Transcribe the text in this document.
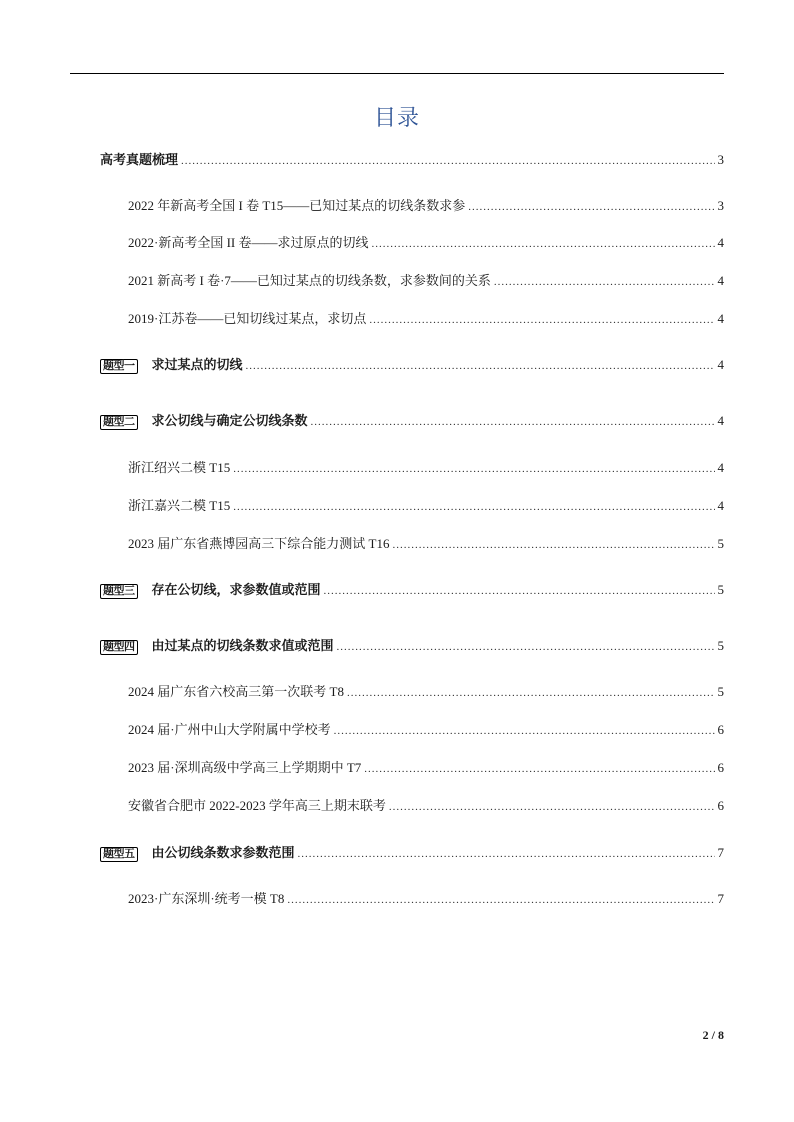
目录
高考真题梳理 .....	3
2022 年新高考全国 I 卷 T15——已知过某点的切线条数求参 .....	3
2022·新高考全国 II 卷——求过原点的切线 .....	4
2021 新高考 I 卷·7——已知过某点的切线条数，求参数间的关系 .....	4
2019·江苏卷——已知切线过某点，求切点 .....	4
题型一 求过某点的切线 .....	4
题型二 求公切线与确定公切线条数 .....	4
浙江绍兴二模 T15 .....	4
浙江嘉兴二模 T15 .....	4
2023 届广东省燕博园高三下综合能力测试 T16 .....	5
题型三 存在公切线，求参数值或范围 .....	5
题型四 由过某点的切线条数求值或范围 .....	5
2024 届广东省六校高三第一次联考 T8 .....	5
2024 届·广州中山大学附属中学校考 .....	6
2023 届·深圳高级中学高三上学期期中 T7 .....	6
安徽省合肥市 2022-2023 学年高三上期末联考 .....	6
题型五 由公切线条数求参数范围 .....	7
2023·广东深圳·统考一模 T8 .....	7
2 / 8
